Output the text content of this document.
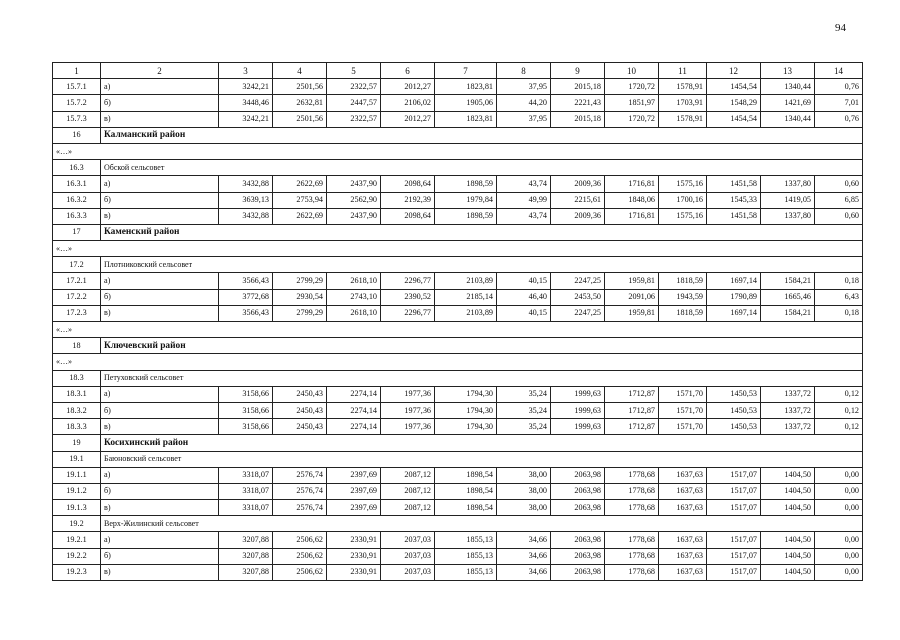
94
1	2	3	4	5	6	7	8	9	10	11	12	13	14
15.7.1	а)	3242,21	2501,56	2322,57	2012,27	1823,81	37,95	2015,18	1720,72	1578,91	1454,54	1340,44	0,76
15.7.2	б)	3448,46	2632,81	2447,57	2106,02	1905,06	44,20	2221,43	1851,97	1703,91	1548,29	1421,69	7,01
15.7.3	в)	3242,21	2501,56	2322,57	2012,27	1823,81	37,95	2015,18	1720,72	1578,91	1454,54	1340,44	0,76
16	Калманский район												
«…»													
16.3	Обской сельсовет												
16.3.1	а)	3432,88	2622,69	2437,90	2098,64	1898,59	43,74	2009,36	1716,81	1575,16	1451,58	1337,80	0,60
16.3.2	б)	3639,13	2753,94	2562,90	2192,39	1979,84	49,99	2215,61	1848,06	1700,16	1545,33	1419,05	6,85
16.3.3	в)	3432,88	2622,69	2437,90	2098,64	1898,59	43,74	2009,36	1716,81	1575,16	1451,58	1337,80	0,60
17	Каменский район												
«…»													
17.2	Плотниковский сельсовет												
17.2.1	а)	3566,43	2799,29	2618,10	2296,77	2103,89	40,15	2247,25	1959,81	1818,59	1697,14	1584,21	0,18
17.2.2	б)	3772,68	2930,54	2743,10	2390,52	2185,14	46,40	2453,50	2091,06	1943,59	1790,89	1665,46	6,43
17.2.3	в)	3566,43	2799,29	2618,10	2296,77	2103,89	40,15	2247,25	1959,81	1818,59	1697,14	1584,21	0,18
«…»													
18	Ключевский район												
«…»													
18.3	Петуховский сельсовет												
18.3.1	а)	3158,66	2450,43	2274,14	1977,36	1794,30	35,24	1999,63	1712,87	1571,70	1450,53	1337,72	0,12
18.3.2	б)	3158,66	2450,43	2274,14	1977,36	1794,30	35,24	1999,63	1712,87	1571,70	1450,53	1337,72	0,12
18.3.3	в)	3158,66	2450,43	2274,14	1977,36	1794,30	35,24	1999,63	1712,87	1571,70	1450,53	1337,72	0,12
19	Косихинский район												
19.1	Баюновский сельсовет												
19.1.1	а)	3318,07	2576,74	2397,69	2087,12	1898,54	38,00	2063,98	1778,68	1637,63	1517,07	1404,50	0,00
19.1.2	б)	3318,07	2576,74	2397,69	2087,12	1898,54	38,00	2063,98	1778,68	1637,63	1517,07	1404,50	0,00
19.1.3	в)	3318,07	2576,74	2397,69	2087,12	1898,54	38,00	2063,98	1778,68	1637,63	1517,07	1404,50	0,00
19.2	Верх-Жилинский сельсовет												
19.2.1	а)	3207,88	2506,62	2330,91	2037,03	1855,13	34,66	2063,98	1778,68	1637,63	1517,07	1404,50	0,00
19.2.2	б)	3207,88	2506,62	2330,91	2037,03	1855,13	34,66	2063,98	1778,68	1637,63	1517,07	1404,50	0,00
19.2.3	в)	3207,88	2506,62	2330,91	2037,03	1855,13	34,66	2063,98	1778,68	1637,63	1517,07	1404,50	0,00
